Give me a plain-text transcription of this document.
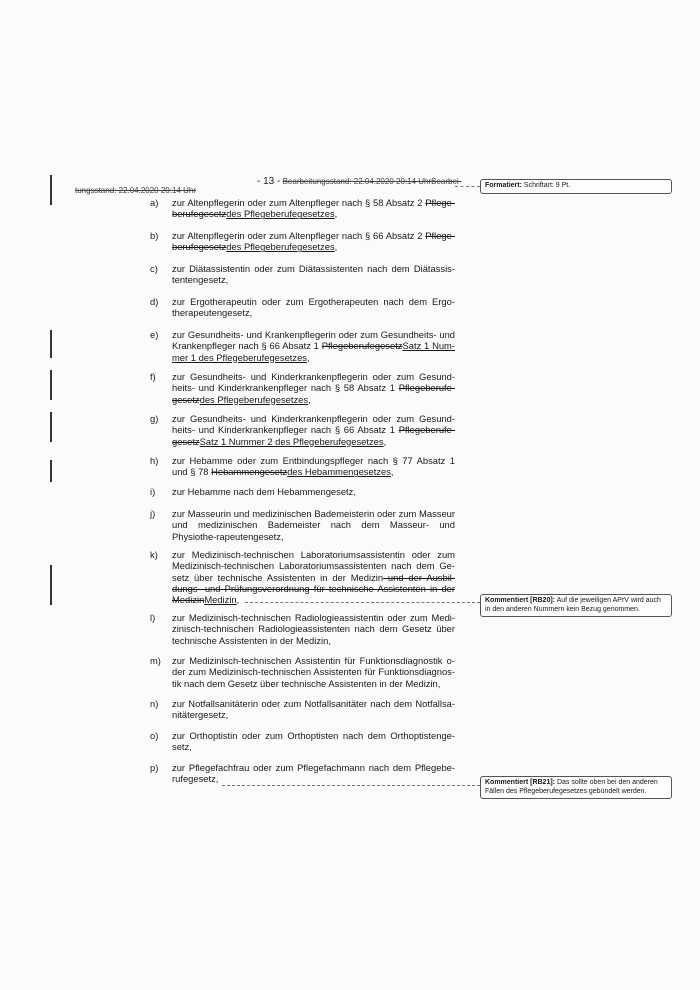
- 13 - Bearbeitungsstand: 22.04.2020 20:14 UhrBearbei-
tungsstand: 22.04.2020 20:14 Uhr
a) zur Altenpflegerin oder zum Altenpfleger nach § 58 Absatz 2 Pflege-berufegesetzdes Pflegeberufegesetzes,
b) zur Altenpflegerin oder zum Altenpfleger nach § 66 Absatz 2 Pflege-berufegesetzdes Pflegeberufegesetzes,
c) zur Diätassistentin oder zum Diätassistenten nach dem Diätassis-tentengesetz,
d) zur Ergotherapeutin oder zum Ergotherapeuten nach dem Ergo-therapeutengesetz,
e) zur Gesundheits- und Krankenpflegerin oder zum Gesundheits- und Krankenpfleger nach § 66 Absatz 1 PflegeberufegesetzSatz 1 Num-mer 1 des Pflegeberufegesetzes,
f) zur Gesundheits- und Kinderkrankenpflegerin oder zum Gesund-heits- und Kinderkrankenpfleger nach § 58 Absatz 1 Pflegeberufe-gesetzdes Pflegeberufegesetzes,
g) zur Gesundheits- und Kinderkrankenpflegerin oder zum Gesund-heits- und Kinderkrankenpfleger nach § 66 Absatz 1 Pflegeberufe-gesetzSatz 1 Nummer 2 des Pflegeberufegesetzes,
h) zur Hebamme oder zum Entbindungspfleger nach § 77 Absatz 1 und § 78 Hebammengesetzdes Hebammengesetzes,
i) zur Hebamme nach dem Hebammengesetz,
j) zur Masseurin und medizinischen Bademeisterin oder zum Masseur und medizinischen Bademeister nach dem Masseur- und Physiothe-rapeutengesetz,
k) zur Medizinisch-technischen Laboratoriumsassistentin oder zum Medizinisch-technischen Laboratoriumsassistenten nach dem Ge-setz über technische Assistenten in der Medizin und der Ausbil-dungs- und Prüfungsverordnung für technische Assistenten in der MedizinMedizin,
l) zur Medizinisch-technischen Radiologieassistentin oder zum Medi-zinisch-technischen Radiologieassistenten nach dem Gesetz über technische Assistenten in der Medizin,
m) zur Medizinisch-technischen Assistentin für Funktionsdiagnostik o-der zum Medizinisch-technischen Assistenten für Funktionsdiagnos-tik nach dem Gesetz über technische Assistenten in der Medizin,
n) zur Notfallsanitäterin oder zum Notfallsanitäter nach dem Notfallsa-nitätergesetz,
o) zur Orthoptistin oder zum Orthoptisten nach dem Orthoptistenge-setz,
p) zur Pflegefachfrau oder zum Pflegefachmann nach dem Pflegebe-rufegesetz,
Formatiert: Schriftart: 9 Pt.
Kommentiert [RB20]: Auf die jeweiligen APrV wird auch in den anderen Nummern kein Bezug genommen.
Kommentiert [RB21]: Das sollte oben bei den anderen Fällen des Pflegeberufegesetzes gebündelt werden.
